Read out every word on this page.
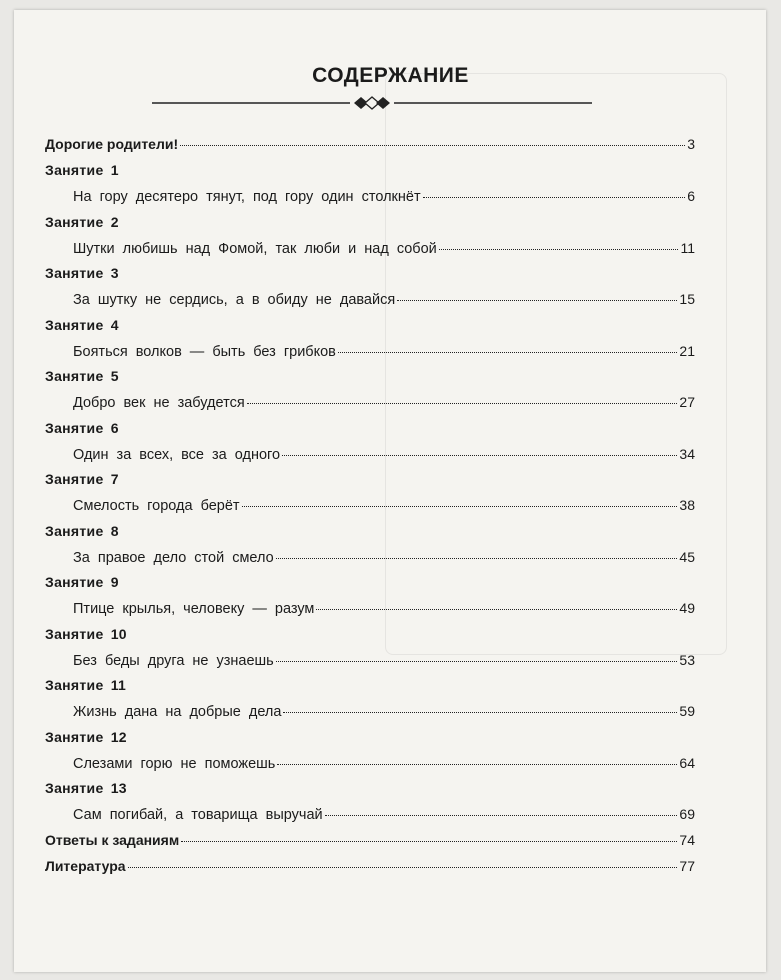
СОДЕРЖАНИЕ
Дорогие родители!	3
Занятие 1
На гору десятеро тянут, под гору один столкнёт	6
Занятие 2
Шутки любишь над Фомой, так люби и над собой	11
Занятие 3
За шутку не сердись, а в обиду не давайся	15
Занятие 4
Бояться волков — быть без грибков	21
Занятие 5
Добро век не забудется	27
Занятие 6
Один за всех, все за одного	34
Занятие 7
Смелость города берёт	38
Занятие 8
За правое дело стой смело	45
Занятие 9
Птице крылья, человеку — разум	49
Занятие 10
Без беды друга не узнаешь	53
Занятие 11
Жизнь дана на добрые дела	59
Занятие 12
Слезами горю не поможешь	64
Занятие 13
Сам погибай, а товарища выручай	69
Ответы к заданиям	74
Литература	77
